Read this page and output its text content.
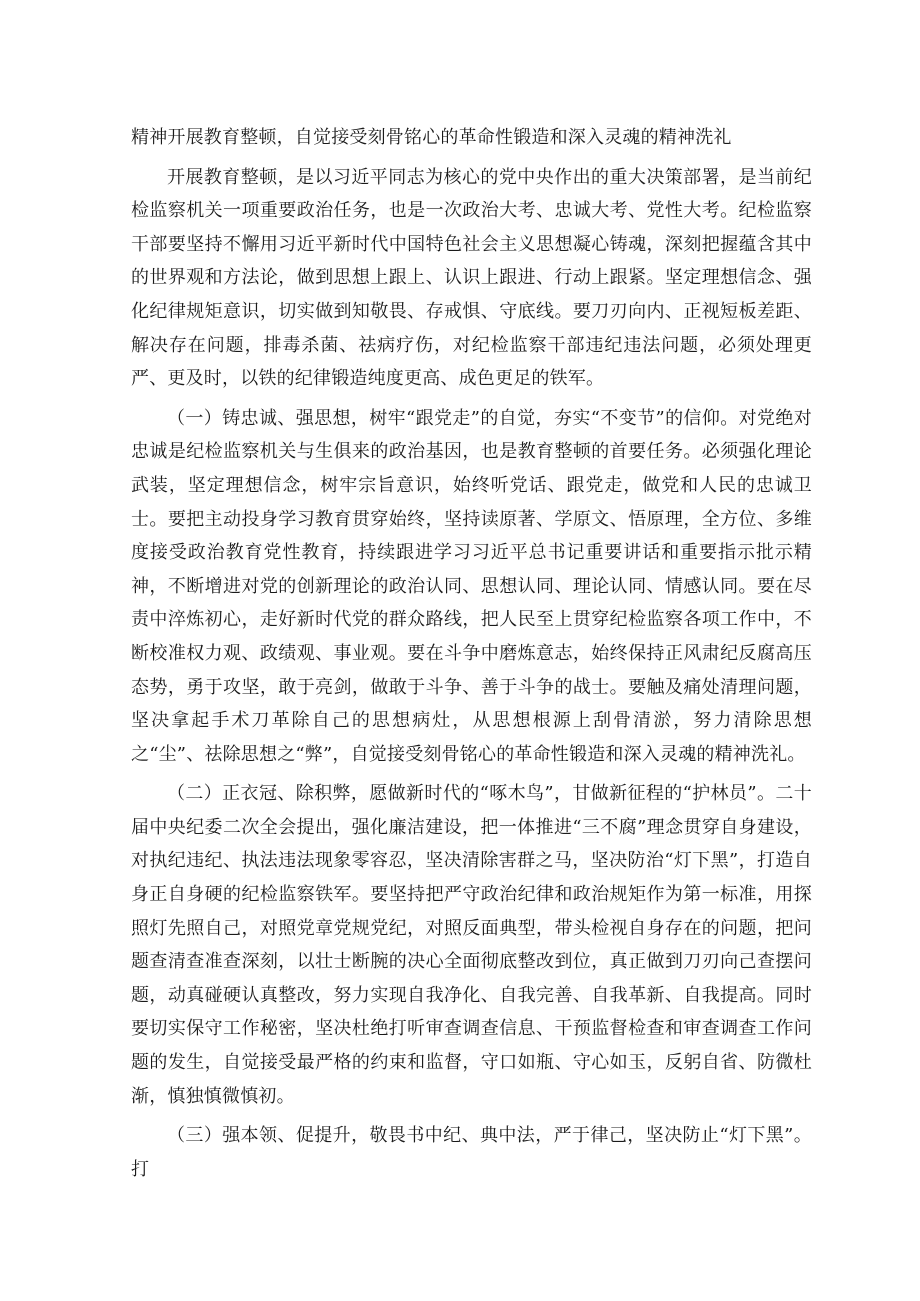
精神开展教育整顿，自觉接受刻骨铭心的革命性锻造和深入灵魂的精神洗礼

开展教育整顿，是以习近平同志为核心的党中央作出的重大决策部署，是当前纪检监察机关一项重要政治任务，也是一次政治大考、忠诚大考、党性大考。纪检监察干部要坚持不懈用习近平新时代中国特色社会主义思想凝心铸魂，深刻把握蕴含其中的世界观和方法论，做到思想上跟上、认识上跟进、行动上跟紧。坚定理想信念、强化纪律规矩意识，切实做到知敬畏、存戒惧、守底线。要刀刃向内、正视短板差距、解决存在问题，排毒杀菌、祛病疗伤，对纪检监察干部违纪违法问题，必须处理更严、更及时，以铁的纪律锻造纯度更高、成色更足的铁军。

（一）铸忠诚、强思想，树牢“跟党走”的自觉，夯实“不变节”的信仰。对党绝对忠诚是纪检监察机关与生俱来的政治基因，也是教育整顿的首要任务。必须强化理论武装，坚定理想信念，树牢宗旨意识，始终听党话、跟党走，做党和人民的忠诚卫士。要把主动投身学习教育贯穿始终，坚持读原著、学原文、悟原理，全方位、多维度接受政治教育党性教育，持续跟进学习习近平总书记重要讲话和重要指示批示精神，不断增进对党的创新理论的政治认同、思想认同、理论认同、情感认同。要在尽责中淬炼初心，走好新时代党的群众路线，把人民至上贯穿纪检监察各项工作中，不断校准权力观、政绩观、事业观。要在斗争中磨炼意志，始终保持正风肃纪反腐高压态势，勇于攻坚，敢于亮剑，做敢于斗争、善于斗争的战士。要触及痛处清理问题，坚决拿起手术刀革除自己的思想病灶，从思想根源上刮骨清淤，努力清除思想之“尘”、祛除思想之“弊”，自觉接受刻骨铭心的革命性锻造和深入灵魂的精神洗礼。

（二）正衣冠、除积弊，愿做新时代的“啄木鸟”，甘做新征程的“护林员”。二十届中央纪委二次全会提出，强化廉洁建设，把一体推进“三不腐”理念贯穿自身建设，对执纪违纪、执法违法现象零容忍，坚决清除害群之马，坚决防治“灯下黑”，打造自身正自身硬的纪检监察铁军。要坚持把严守政治纪律和政治规矩作为第一标准，用探照灯先照自己，对照党章党规党纪，对照反面典型，带头检视自身存在的问题，把问题查清查准查深刻，以壮士断腕的决心全面彻底整改到位，真正做到刀刃向己查摆问题，动真碰硬认真整改，努力实现自我净化、自我完善、自我革新、自我提高。同时要切实保守工作秘密，坚决杜绝打听审查调查信息、干预监督检查和审查调查工作问题的发生，自觉接受最严格的约束和监督，守口如瓶、守心如玉，反躬自省、防微杜渐，慎独慎微慎初。

（三）强本领、促提升，敬畏书中纪、典中法，严于律己，坚决防止“灯下黑”。打
